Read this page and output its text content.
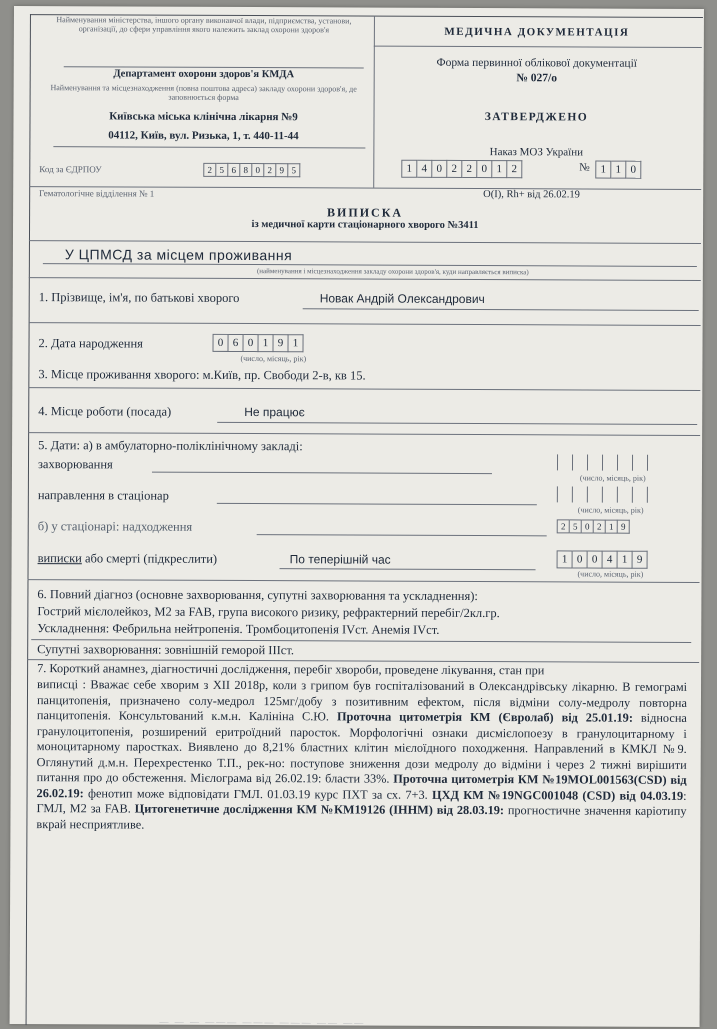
Найменування міністерства, іншого органу виконавчої влади, підприємства, установи, організації, до сфери управління якого належить заклад охорони здоров'я
Департамент охорони здоров'я КМДА
Найменування та місцезнаходження (повна поштова адреса) закладу охорони здоров'я, де заповнюється форма
Київська міська клінічна лікарня №9
04112, Київ, вул. Ризька, 1, т. 440-11-44
Код за ЄДРПОУ	2 5 6 8 0 2 9 5
МЕДИЧНА ДОКУМЕНТАЦІЯ
Форма первинної облікової документації
№ 027/о
ЗАТВЕРДЖЕНО
Наказ МОЗ України
1 4 0 2 2 0 1 2	№ 1 1 0
Гематологічне відділення № 1	O(I), Rh+ від 26.02.19
ВИПИСКА
із медичної карти стаціонарного хворого №3411
У ЦПМСД за місцем проживання
(найменування і місцезнаходження закладу охорони здоров'я, куди направляється виписка)
1. Прізвище, ім'я, по батькові хворого	Новак Андрій Олександрович
2. Дата народження	0 6 0 1 9 1
(число, місяць, рік)
3. Місце проживання хворого: м.Київ, пр. Свободи 2-в, кв 15.
4. Місце роботи (посада)	Не працює
5. Дати: а) в амбулаторно-поліклінічному закладі:
захворювання
(число, місяць, рік)
направлення в стаціонар
(число, місяць, рік)
б) у стаціонарі: надходження	2 5 0 2 1 9
виписки або смерті (підкреслити)	По теперішній час	1 0 0 4 1 9
(число, місяць, рік)
6. Повний діагноз (основне захворювання, супутні захворювання та ускладнення):
Гострий мієлолейкоз, М2 за FAB, група високого ризику, рефрактерний перебіг/2кл.гр.
Ускладнення: Фебрильна нейтропенія. Тромбоцитопенія IVст. Анемія IVст.
Супутні захворювання: зовнішній геморой IIIст.
7. Короткий анамнез, діагностичні дослідження, перебіг хвороби, проведене лікування, стан при
виписці : Вважає себе хворим з XII 2018р, коли з грипом був госпіталізований в Олександрівську лікарню. В гемограмі панцитопенія, призначено солу-медрол 125мг/добу з позитивним ефектом, після відміни солу-медролу повторна панцитопенія. Консультований к.м.н. Калініна С.Ю. Проточна цитометрія КМ (Євролаб) від 25.01.19: відносна гранулоцитопенія, розширений еритроїдний паросток. Морфологічні ознаки дисмієлопоезу в гранулоцитарному і моноцитарному паростках. Виявлено до 8,21% бластних клітин мієлоїдного походження. Направлений в КМКЛ №9. Оглянутий д.м.н. Перехрестенко Т.П., рек-но: поступове зниження дози медролу до відміни і через 2 тижні вирішити питання про до обстеження. Мієлограма від 26.02.19: бласти 33%. Проточна цитометрія КМ №19MOL001563(CSD) від 26.02.19: фенотип може відповідати ГМЛ. 01.03.19 курс ПХТ за сх. 7+3. ЦХД КМ №19NGC001048 (CSD) від 04.03.19: ГМЛ, М2 за FAB. Цитогенетичне дослідження КМ №КМ19126 (ІННМ) від 28.03.19: прогностичне значення каріотипу вкрай несприятливе.
— — — ——— ——— ——— —— ——
